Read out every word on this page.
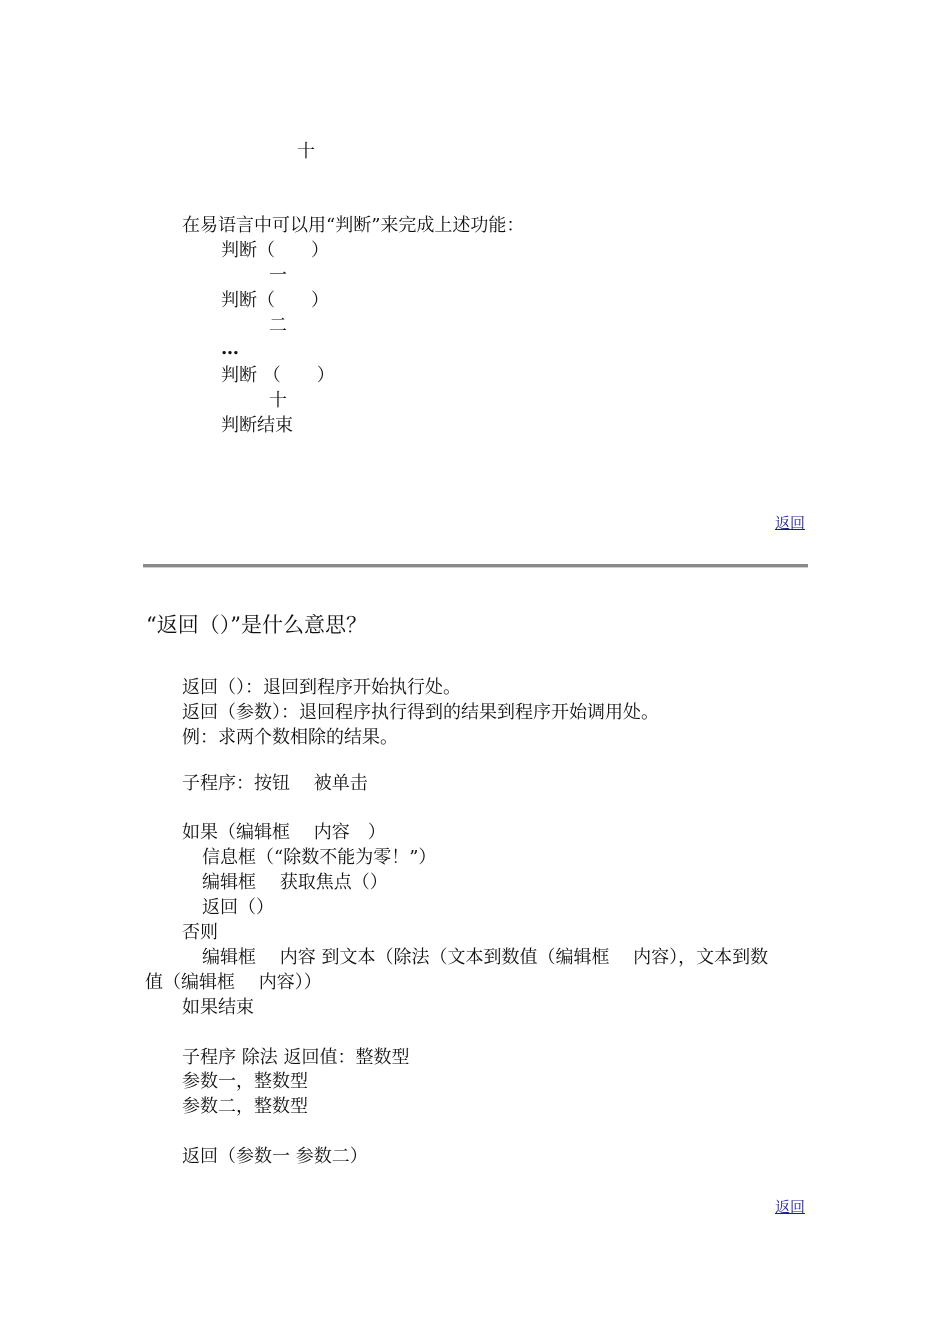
十
在易语言中可以用“判断”来完成上述功能：
判断（　　）
一
判断（　　）
二
…
判断 （　　）
十
判断结束
返回
“返回（）”是什么意思？
返回（）：退回到程序开始执行处。
返回（参数）：退回程序执行得到的结果到程序开始调用处。
例：求两个数相除的结果。
子程序：按钮　 被单击
如果（编辑框　 内容　）
信息框（“除数不能为零！”）
编辑框　 获取焦点（）
返回（）
否则
编辑框　 内容 到文本（除法（文本到数值（编辑框　 内容），文本到数
值（编辑框　 内容））
如果结束
子程序 除法 返回值：整数型
参数一，整数型
参数二，整数型
返回（参数一 参数二）
返回
